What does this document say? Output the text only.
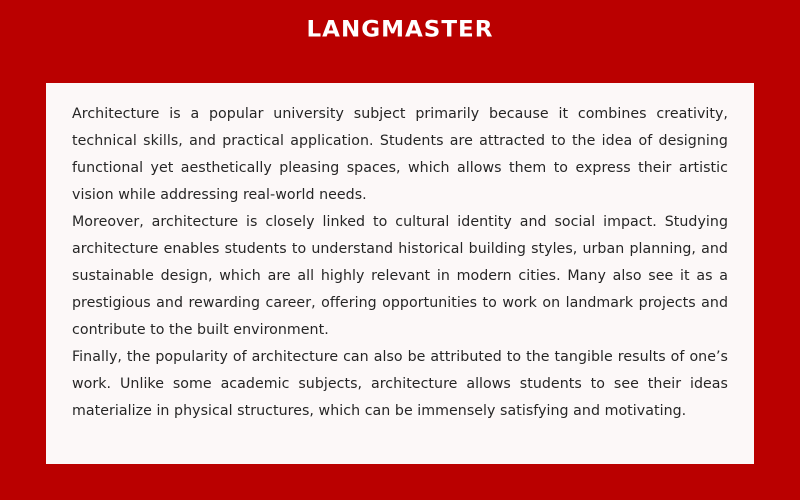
LANGMASTER

Architecture is a popular university subject primarily because it combines creativity, technical skills, and practical application. Students are attracted to the idea of designing functional yet aesthetically pleasing spaces, which allows them to express their artistic vision while addressing real-world needs.

Moreover, architecture is closely linked to cultural identity and social impact. Studying architecture enables students to understand historical building styles, urban planning, and sustainable design, which are all highly relevant in modern cities. Many also see it as a prestigious and rewarding career, offering opportunities to work on landmark projects and contribute to the built environment.

Finally, the popularity of architecture can also be attributed to the tangible results of one’s work. Unlike some academic subjects, architecture allows students to see their ideas materialize in physical structures, which can be immensely satisfying and motivating.
